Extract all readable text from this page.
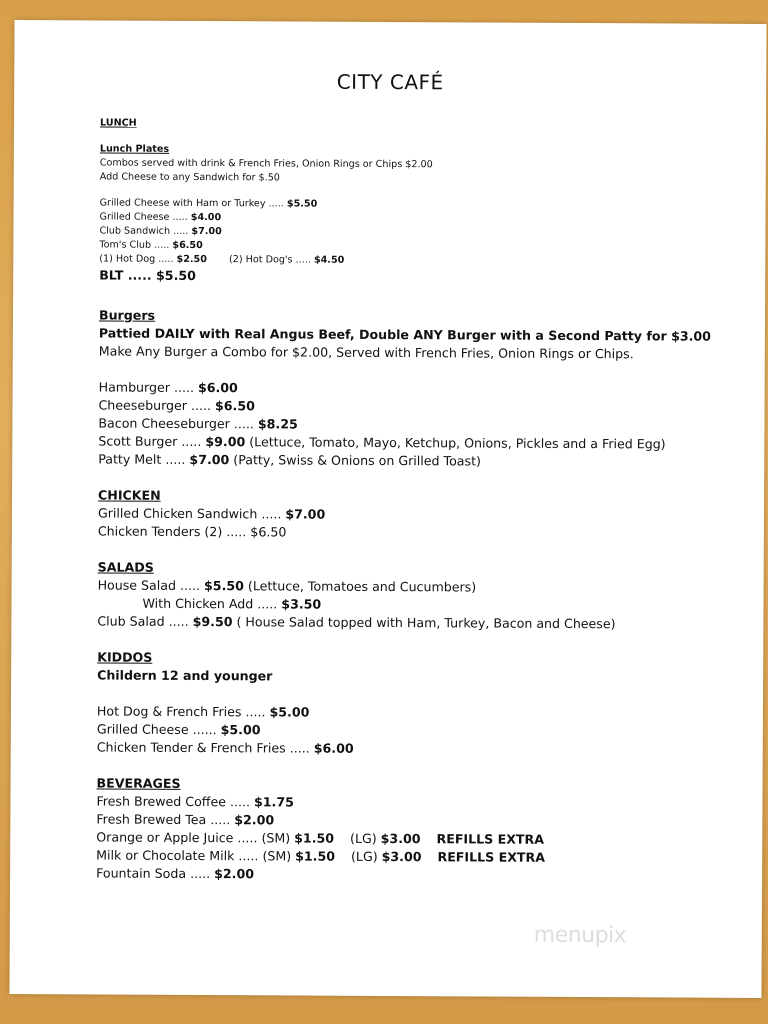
CITY CAFÉ
LUNCH
Lunch Plates
Combos served with drink & French Fries, Onion Rings or Chips $2.00
Add Cheese to any Sandwich for $.50
Grilled Cheese with Ham or Turkey ..... $5.50
Grilled Cheese ..... $4.00
Club Sandwich ..... $7.00
Tom's Club ..... $6.50
(1) Hot Dog ..... $2.50 (2) Hot Dog's ..... $4.50
BLT ..... $5.50
Burgers
Pattied DAILY with Real Angus Beef, Double ANY Burger with a Second Patty for $3.00
Make Any Burger a Combo for $2.00, Served with French Fries, Onion Rings or Chips.
Hamburger ..... $6.00
Cheeseburger ..... $6.50
Bacon Cheeseburger ..... $8.25
Scott Burger ..... $9.00 (Lettuce, Tomato, Mayo, Ketchup, Onions, Pickles and a Fried Egg)
Patty Melt ..... $7.00 (Patty, Swiss & Onions on Grilled Toast)
CHICKEN
Grilled Chicken Sandwich ..... $7.00
Chicken Tenders (2) ..... $6.50
SALADS
House Salad ..... $5.50 (Lettuce, Tomatoes and Cucumbers)
With Chicken Add ..... $3.50
Club Salad ..... $9.50 ( House Salad topped with Ham, Turkey, Bacon and Cheese)
KIDDOS
Childern 12 and younger
Hot Dog & French Fries ..... $5.00
Grilled Cheese ...... $5.00
Chicken Tender & French Fries ..... $6.00
BEVERAGES
Fresh Brewed Coffee ..... $1.75
Fresh Brewed Tea ..... $2.00
Orange or Apple Juice ..... (SM) $1.50 (LG) $3.00 REFILLS EXTRA
Milk or Chocolate Milk ..... (SM) $1.50 (LG) $3.00 REFILLS EXTRA
Fountain Soda ..... $2.00
menupix
